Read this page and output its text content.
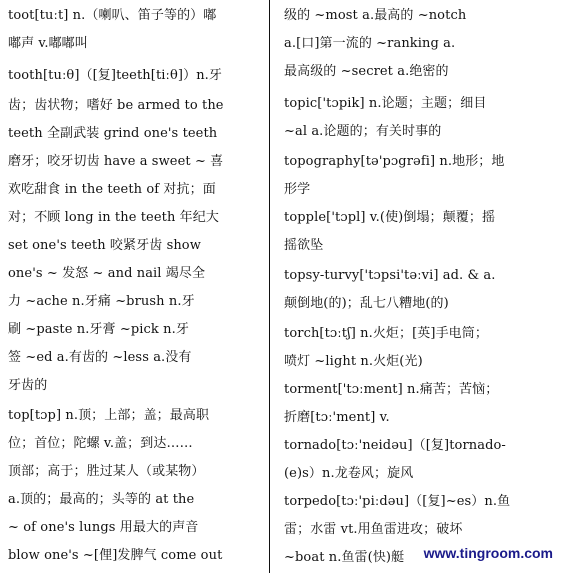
toot[tuːt] n.（喇叭、笛子等的）嘟
嘟声 v.嘟嘟叫
tooth[tuːθ]（[复]teeth[tiːθ]）n.牙
齿；齿状物；嗜好 be armed to the
teeth 全副武装 grind one's teeth
磨牙；咬牙切齿 have a sweet ~ 喜
欢吃甜食 in the teeth of 对抗；面
对；不顾 long in the teeth 年纪大
set one's teeth 咬紧牙齿 show
one's ~ 发怒 ~ and nail 竭尽全
力 ~ache n.牙痛 ~brush n.牙
刷 ~paste n.牙膏 ~pick n.牙
签 ~ed a.有齿的 ~less a.没有
牙齿的
top[tɔp] n.顶；上部；盖；最高职
位；首位；陀螺 v.盖；到达……
顶部；高于；胜过某人（或某物）
a.顶的；最高的；头等的 at the
~ of one's lungs 用最大的声音
blow one's ~[俚]发脾气 come out
级的 ~most a.最高的 ~notch
a.[口]第一流的 ~ranking a.
最高级的 ~secret a.绝密的
topic['tɔpik] n.论题；主题；细目
~al a.论题的；有关时事的
topography[tə'pɔgrəfi] n.地形；地
形学
topple['tɔpl] v.(使)倒塌；颠覆；摇
摇欲坠
topsy-turvy['tɔpsi'təːvi] ad. & a.
颠倒地(的)；乱七八糟地(的)
torch[tɔːtʃ] n.火炬；[英]手电筒；
喷灯 ~light n.火炬(光)
torment['tɔːment] n.痛苦；苦恼；
折磨[tɔː'ment] v.
tornado[tɔː'neidəu]（[复]tornado-
(e)s）n.龙卷风；旋风
torpedo[tɔː'piːdəu]（[复]~es）n.鱼
雷；水雷 vt.用鱼雷进攻；破坏
~boat n.鱼雷(快)艇	www.tingroom.com
